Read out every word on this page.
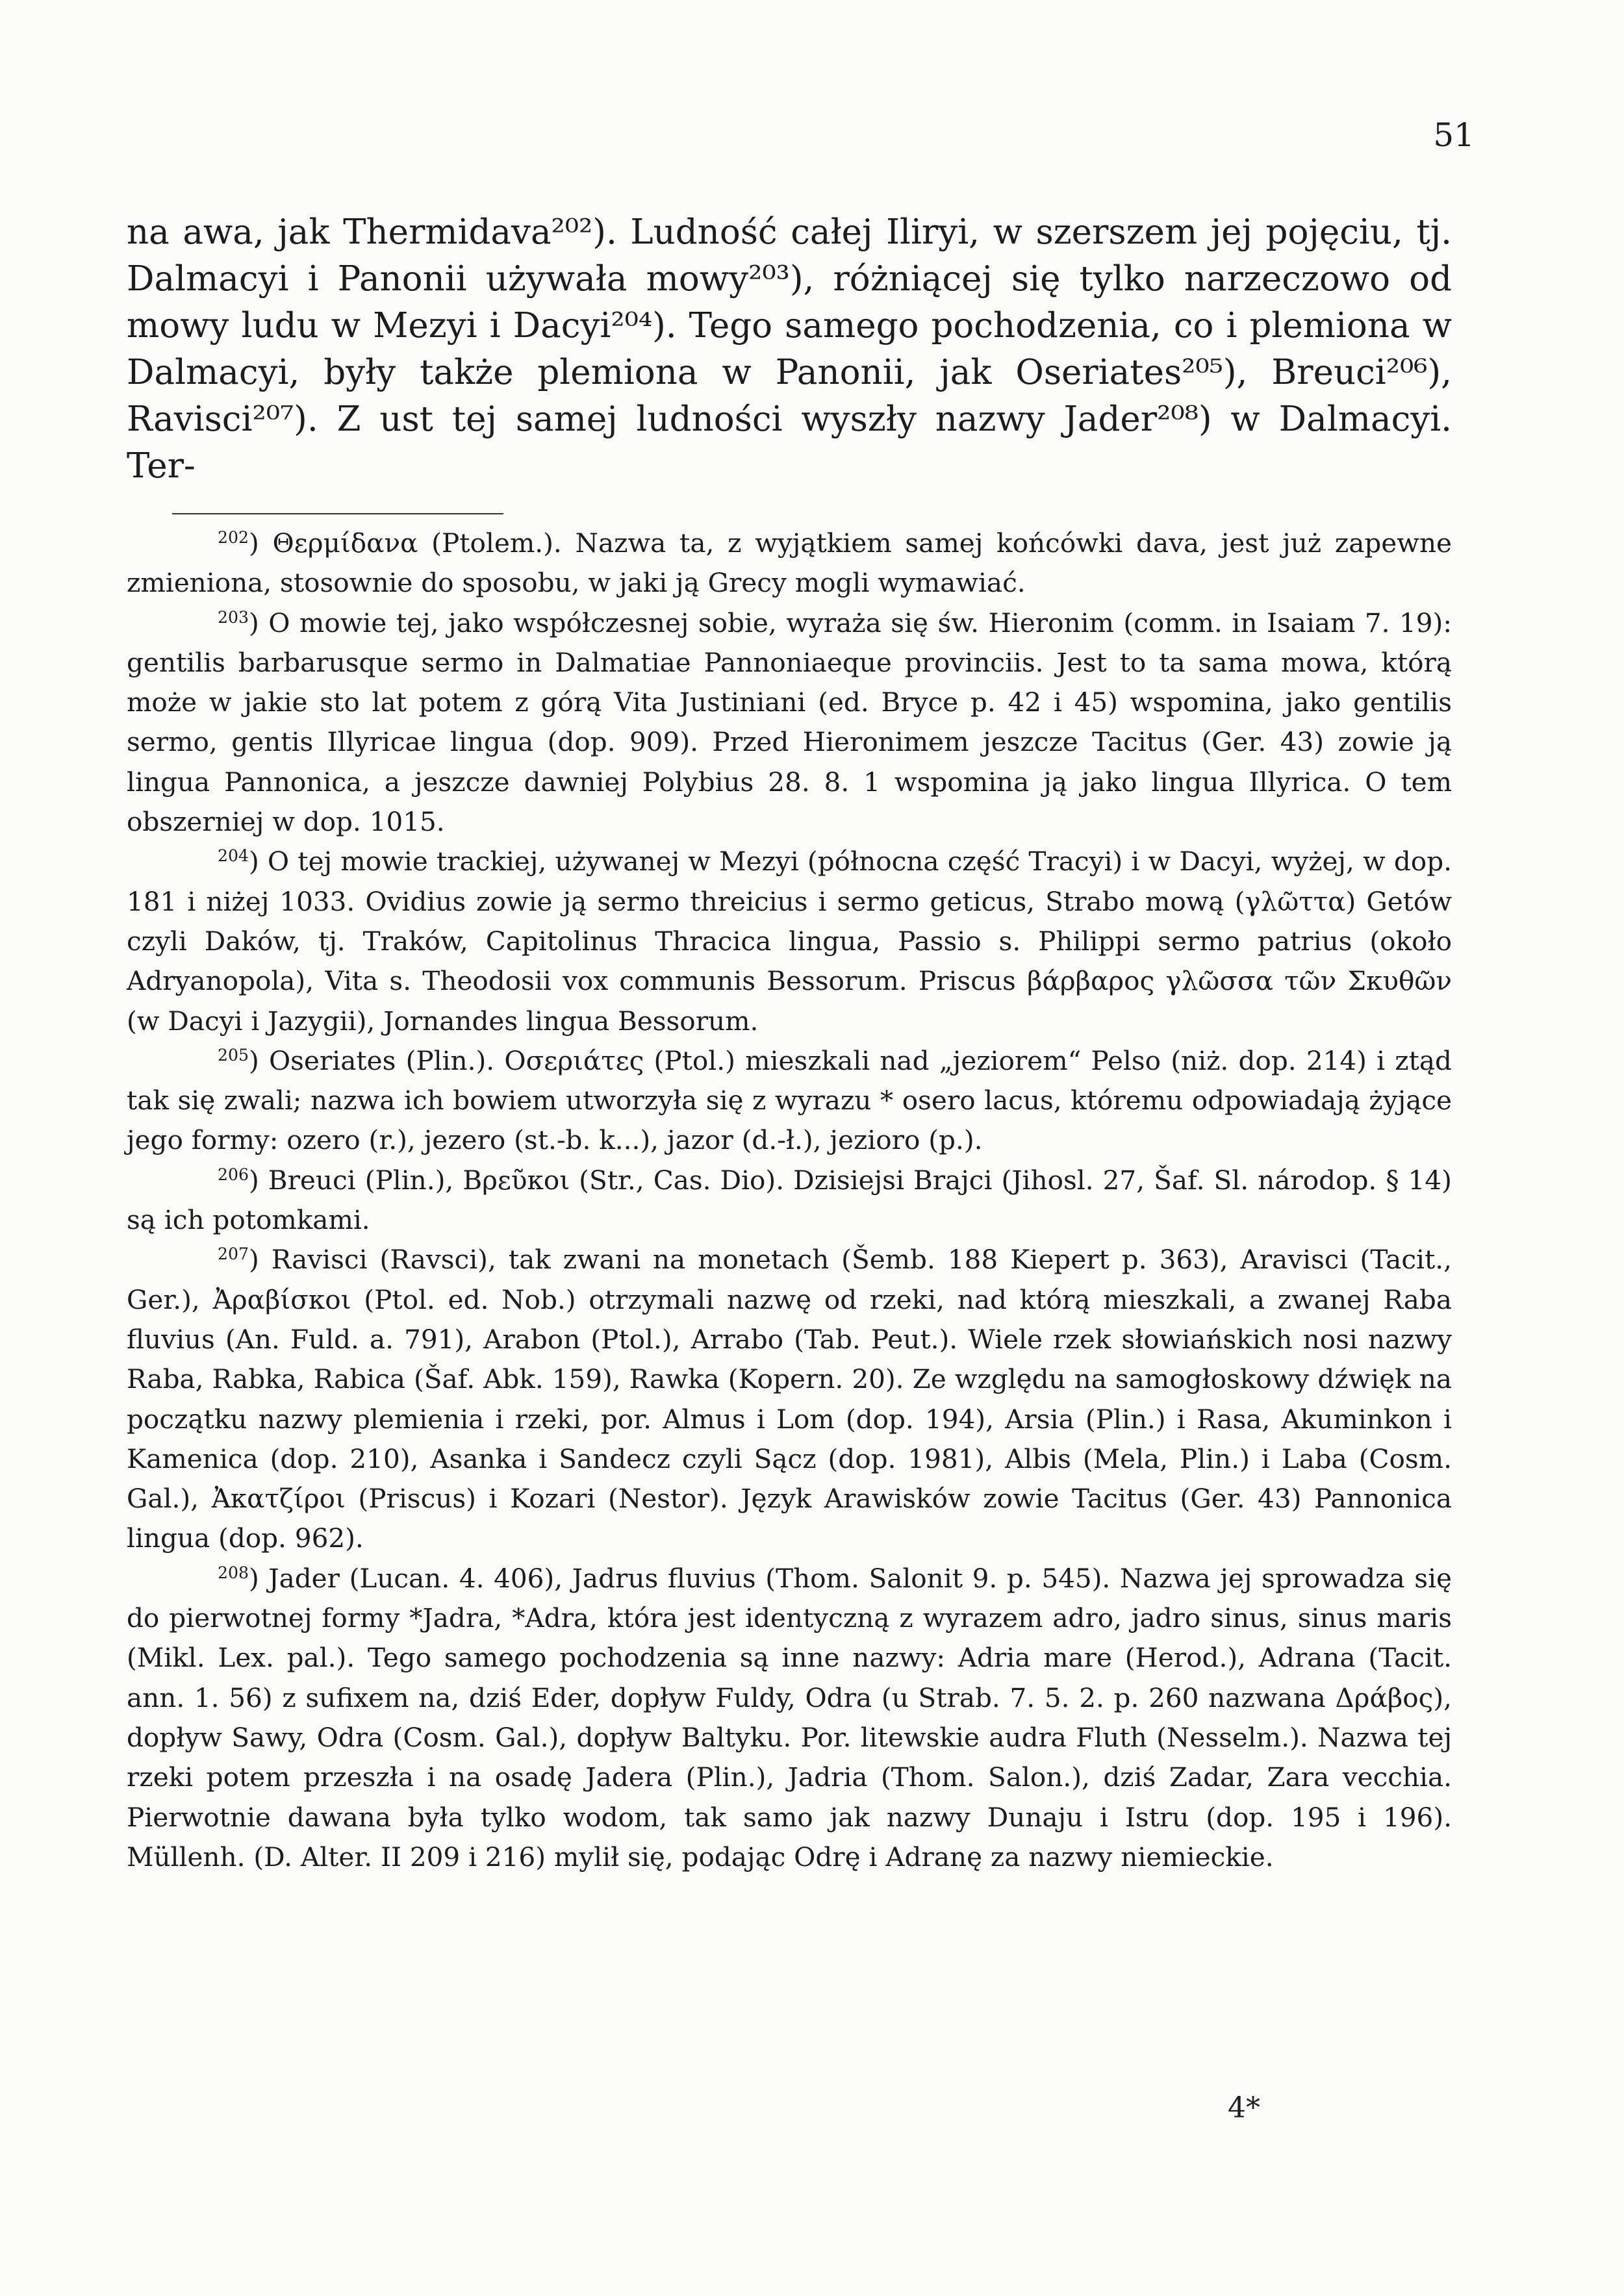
51

na awa, jak Thermidava²⁰²). Ludność całej Iliryi, w szerszem jej pojęciu, tj. Dalmacyi i Panonii używała mowy²⁰³), różniącej się tylko narzeczowo od mowy ludu w Mezyi i Dacyi²⁰⁴). Tego samego pochodzenia, co i plemiona w Dalmacyi, były także plemiona w Panonii, jak Oseriates²⁰⁵), Breuci²⁰⁶), Ravisci²⁰⁷). Z ust tej samej ludności wyszły nazwy Jader²⁰⁸) w Dalmacyi. Ter-

$^{202}$) Θερμίδανα (Ptolem.). Nazwa ta, z wyjątkiem samej końcówki dava, jest już zapewne zmieniona, stosownie do sposobu, w jaki ją Grecy mogli wymawiać.

$^{203}$) O mowie tej, jako współczesnej sobie, wyraża się św. Hieronim (comm. in Isaiam 7. 19): gentilis barbarusque sermo in Dalmatiae Pannoniaeque provinciis. Jest to ta sama mowa, którą może w jakie sto lat potem z górą Vita Justiniani (ed. Bryce p. 42 i 45) wspomina, jako gentilis sermo, gentis Illyricae lingua (dop. 909). Przed Hieronimem jeszcze Tacitus (Ger. 43) zowie ją lingua Pannonica, a jeszcze dawniej Polybius 28. 8. 1 wspomina ją jako lingua Illyrica. O tem obszerniej w dop. 1015.

$^{204}$) O tej mowie trackiej, używanej w Mezyi (północna część Tracyi) i w Dacyi, wyżej, w dop. 181 i niżej 1033. Ovidius zowie ją sermo threicius i sermo geticus, Strabo mową (γλῶττα) Getów czyli Daków, tj. Traków, Capitolinus Thracica lingua, Passio s. Philippi sermo patrius (około Adryanopola), Vita s. Theodosii vox communis Bessorum. Priscus βάρβαρος γλῶσσα τῶν Σκυθῶν (w Dacyi i Jazygii), Jornandes lingua Bessorum.

$^{205}$) Oseriates (Plin.). Οσεριάτες (Ptol.) mieszkali nad „jeziorem“ Pelso (niż. dop. 214) i ztąd tak się zwali; nazwa ich bowiem utworzyła się z wyrazu * osero lacus, któremu odpowiadają żyjące jego formy: ozero (r.), jezero (st.-b. k...), jazor (d.-ł.), jezioro (p.).

$^{206}$) Breuci (Plin.), Βρεῦκοι (Str., Cas. Dio). Dzisiejsi Brajci (Jihosl. 27, Šaf. Sl. národop. § 14) są ich potomkami.

$^{207}$) Ravisci (Ravsci), tak zwani na monetach (Šemb. 188 Kiepert p. 363), Aravisci (Tacit., Ger.), Ἀραβίσκοι (Ptol. ed. Nob.) otrzymali nazwę od rzeki, nad którą mieszkali, a zwanej Raba fluvius (An. Fuld. a. 791), Arabon (Ptol.), Arrabo (Tab. Peut.). Wiele rzek słowiańskich nosi nazwy Raba, Rabka, Rabica (Šaf. Abk. 159), Rawka (Kopern. 20). Ze względu na samogłoskowy dźwięk na początku nazwy plemienia i rzeki, por. Almus i Lom (dop. 194), Arsia (Plin.) i Rasa, Akuminkon i Kamenica (dop. 210), Asanka i Sandecz czyli Sącz (dop. 1981), Albis (Mela, Plin.) i Laba (Cosm. Gal.), Ἀκατζίροι (Priscus) i Kozari (Nestor). Język Arawisków zowie Tacitus (Ger. 43) Pannonica lingua (dop. 962).

$^{208}$) Jader (Lucan. 4. 406), Jadrus fluvius (Thom. Salonit 9. p. 545). Nazwa jej sprowadza się do pierwotnej formy *Jadra, *Adra, która jest identyczną z wyrazem adro, jadro sinus, sinus maris (Mikl. Lex. pal.). Tego samego pochodzenia są inne nazwy: Adria mare (Herod.), Adrana (Tacit. ann. 1. 56) z sufixem na, dziś Eder, dopływ Fuldy, Odra (u Strab. 7. 5. 2. p. 260 nazwana Δράβος), dopływ Sawy, Odra (Cosm. Gal.), dopływ Baltyku. Por. litewskie audra Fluth (Nesselm.). Nazwa tej rzeki potem przeszła i na osadę Jadera (Plin.), Jadria (Thom. Salon.), dziś Zadar, Zara vecchia. Pierwotnie dawana była tylko wodom, tak samo jak nazwy Dunaju i Istru (dop. 195 i 196). Müllenh. (D. Alter. II 209 i 216) mylił się, podając Odrę i Adranę za nazwy niemieckie.

4*
